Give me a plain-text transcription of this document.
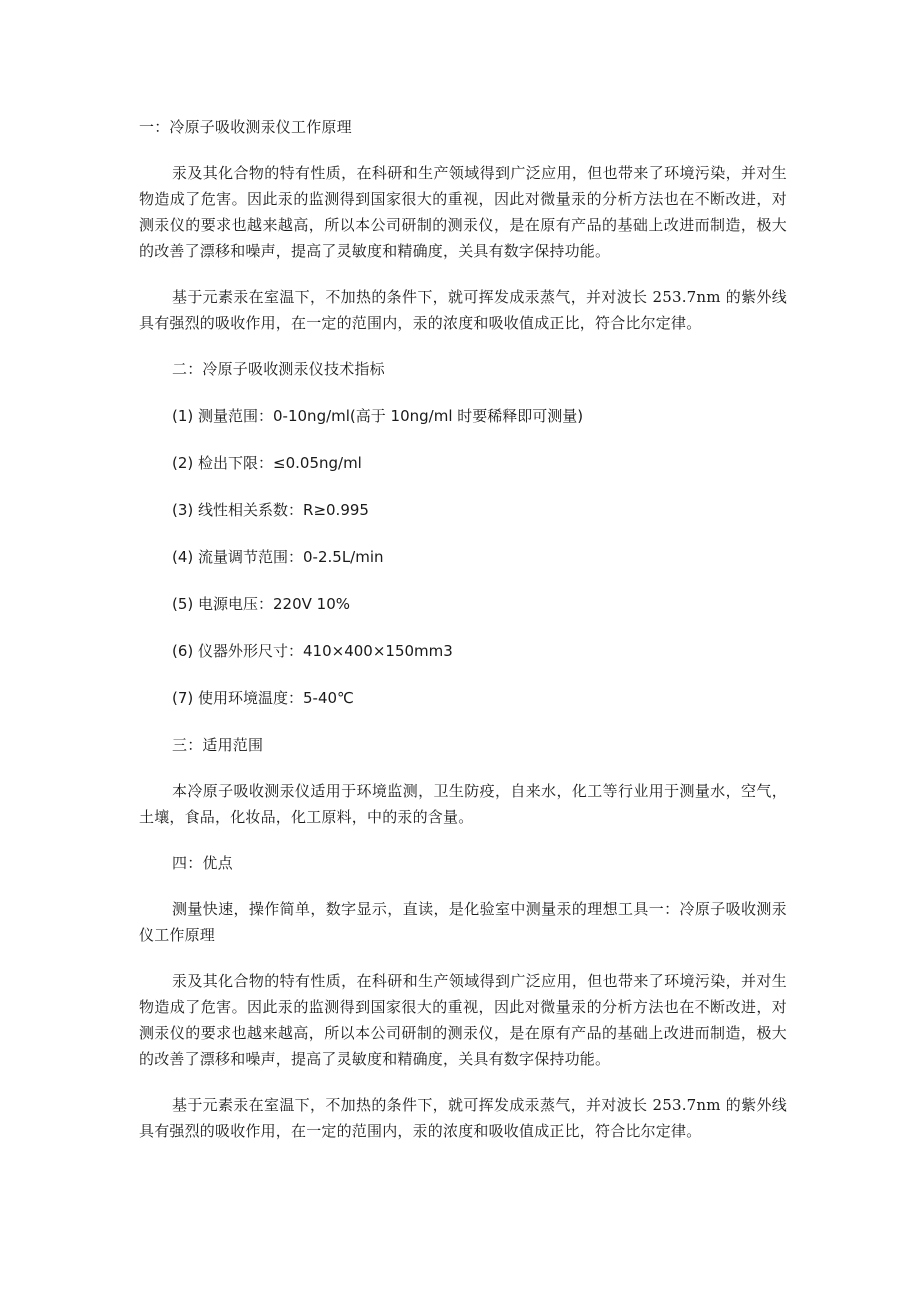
一：冷原子吸收测汞仪工作原理

汞及其化合物的特有性质，在科研和生产领域得到广泛应用，但也带来了环境污染，并对生物造成了危害。因此汞的监测得到国家很大的重视，因此对微量汞的分析方法也在不断改进，对测汞仪的要求也越来越高，所以本公司研制的测汞仪，是在原有产品的基础上改进而制造，极大的改善了漂移和噪声，提高了灵敏度和精确度，关具有数字保持功能。

基于元素汞在室温下，不加热的条件下，就可挥发成汞蒸气，并对波长 253.7nm 的紫外线具有强烈的吸收作用，在一定的范围内，汞的浓度和吸收值成正比，符合比尔定律。

二：冷原子吸收测汞仪技术指标

(1) 测量范围：0-10ng/ml(高于 10ng/ml 时要稀释即可测量)

(2) 检出下限：≤0.05ng/ml

(3) 线性相关系数：R≥0.995

(4) 流量调节范围：0-2.5L/min

(5) 电源电压：220V 10%

(6) 仪器外形尺寸：410×400×150mm3

(7) 使用环境温度：5-40℃

三：适用范围

本冷原子吸收测汞仪适用于环境监测，卫生防疫，自来水，化工等行业用于测量水，空气，土壤，食品，化妆品，化工原料，中的汞的含量。

四：优点

测量快速，操作简单，数字显示，直读，是化验室中测量汞的理想工具一：冷原子吸收测汞仪工作原理

汞及其化合物的特有性质，在科研和生产领域得到广泛应用，但也带来了环境污染，并对生物造成了危害。因此汞的监测得到国家很大的重视，因此对微量汞的分析方法也在不断改进，对测汞仪的要求也越来越高，所以本公司研制的测汞仪，是在原有产品的基础上改进而制造，极大的改善了漂移和噪声，提高了灵敏度和精确度，关具有数字保持功能。

基于元素汞在室温下，不加热的条件下，就可挥发成汞蒸气，并对波长 253.7nm 的紫外线具有强烈的吸收作用，在一定的范围内，汞的浓度和吸收值成正比，符合比尔定律。
